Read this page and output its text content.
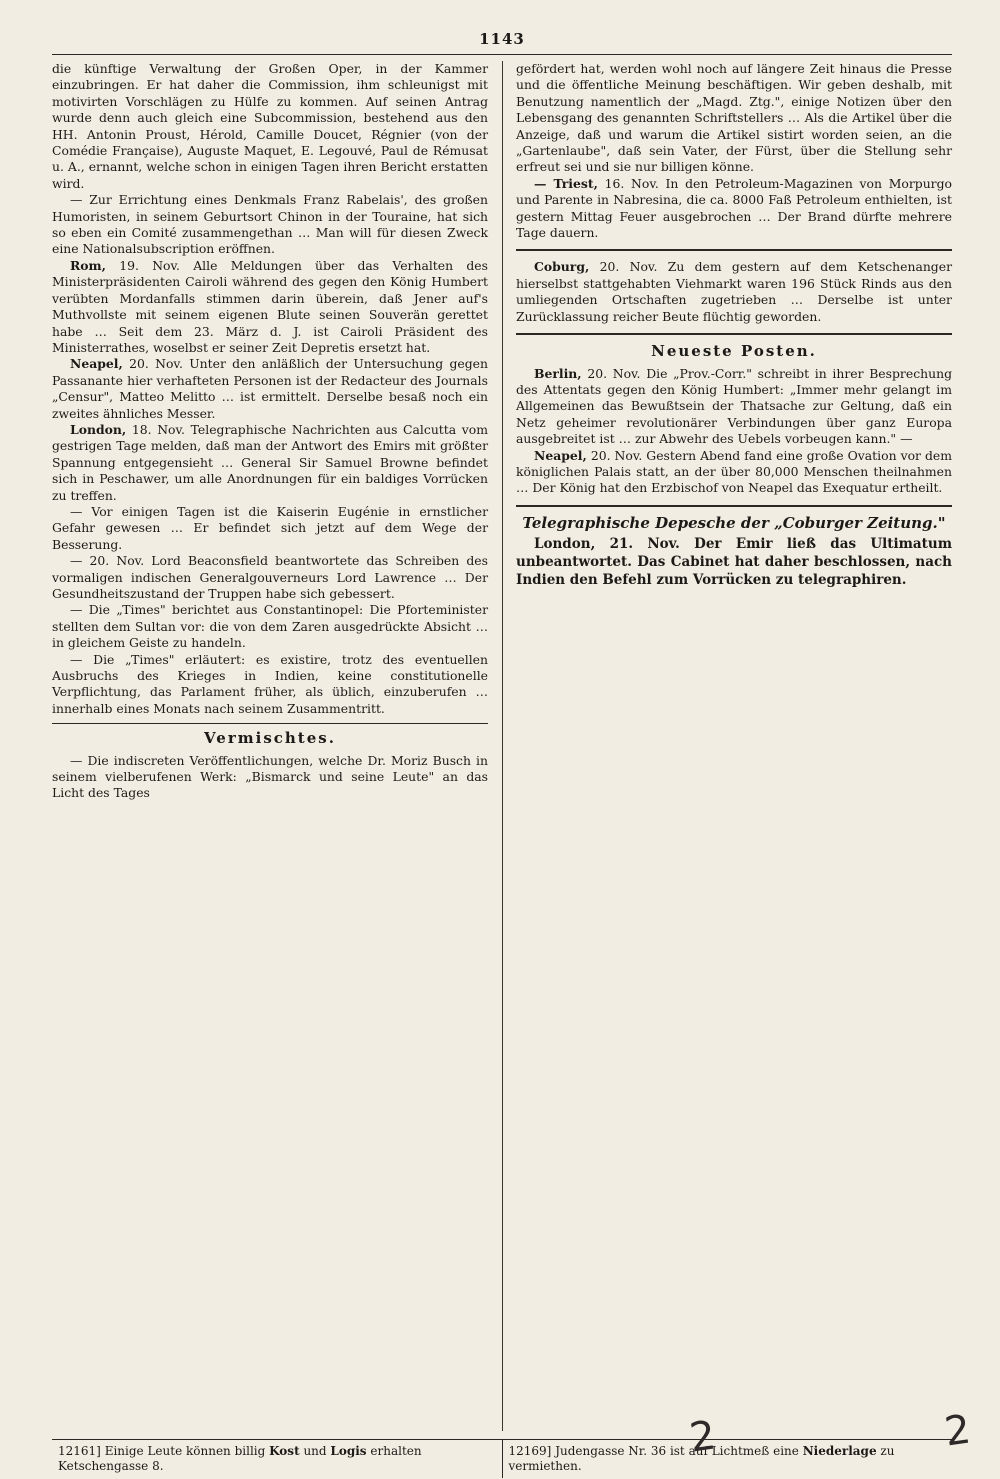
1143

die künftige Verwaltung der Großen Oper, in der Kammer einzubringen. Er hat daher die Commission, ihm schleunigst mit motivirten Vorschlägen zu Hülfe zu kommen. Auf seinen Antrag wurde denn auch gleich eine Subcommission, bestehend aus den HH. Antonin Proust, Hérold, Camille Doucet, Régnier (von der Comédie Française), Auguste Maquet, E. Legouvé, Paul de Rémusat u. A., ernannt, welche schon in einigen Tagen ihren Bericht erstatten wird.

— Zur Errichtung eines Denkmals Franz Rabelais', des großen Humoristen, in seinem Geburtsort Chinon in der Touraine, hat sich so eben ein Comité zusammengethan … Man will für diesen Zweck eine Nationalsubscription eröffnen.

Rom, 19. Nov. Alle Meldungen über das Verhalten des Ministerpräsidenten Cairoli während des gegen den König Humbert verübten Mordanfalls stimmen darin überein, daß Jener auf's Muthvollste mit seinem eigenen Blute seinen Souverän gerettet habe … Seit dem 23. März d. J. ist Cairoli Präsident des Ministerrathes, woselbst er seiner Zeit Depretis ersetzt hat.

Neapel, 20. Nov. Unter den anläßlich der Untersuchung gegen Passanante hier verhafteten Personen ist der Redacteur des Journals „Censur", Matteo Melitto … ist ermittelt. Derselbe besaß noch ein zweites ähnliches Messer.

London, 18. Nov. Telegraphische Nachrichten aus Calcutta vom gestrigen Tage melden, daß man der Antwort des Emirs mit größter Spannung entgegensieht … General Sir Samuel Browne befindet sich in Peschawer, um alle Anordnungen für ein baldiges Vorrücken zu treffen.

— Vor einigen Tagen ist die Kaiserin Eugénie in ernstlicher Gefahr gewesen … Er befindet sich jetzt auf dem Wege der Besserung.

— 20. Nov. Lord Beaconsfield beantwortete das Schreiben des vormaligen indischen Generalgouverneurs Lord Lawrence … Der Gesundheitszustand der Truppen habe sich gebessert.

— Die „Times" berichtet aus Constantinopel: Die Pforteminister stellten dem Sultan vor: die von dem Zaren ausgedrückte Absicht … in gleichem Geiste zu handeln.

— Die „Times" erläutert: es existire, trotz des eventuellen Ausbruchs des Krieges in Indien, keine constitutionelle Verpflichtung, das Parlament früher, als üblich, einzuberufen … innerhalb eines Monats nach seinem Zusammentritt.

Vermischtes.

— Die indiscreten Veröffentlichungen, welche Dr. Moriz Busch in seinem vielberufenen Werk: „Bismarck und seine Leute" an das Licht des Tages

gefördert hat, werden wohl noch auf längere Zeit hinaus die Presse und die öffentliche Meinung beschäftigen. Wir geben deshalb, mit Benutzung namentlich der „Magd. Ztg.", einige Notizen über den Lebensgang des genannten Schriftstellers … Als die Artikel über die Anzeige, daß und warum die Artikel sistirt worden seien, an die „Gartenlaube", daß sein Vater, der Fürst, über die Stellung sehr erfreut sei und sie nur billigen könne.

— Triest, 16. Nov. In den Petroleum-Magazinen von Morpurgo und Parente in Nabresina, die ca. 8000 Faß Petroleum enthielten, ist gestern Mittag Feuer ausgebrochen … Der Brand dürfte mehrere Tage dauern.

Coburg, 20. Nov. Zu dem gestern auf dem Ketschenanger hierselbst stattgehabten Viehmarkt waren 196 Stück Rinds aus den umliegenden Ortschaften zugetrieben … Derselbe ist unter Zurücklassung reicher Beute flüchtig geworden.

Neueste Posten.

Berlin, 20. Nov. Die „Prov.-Corr." schreibt in ihrer Besprechung des Attentats gegen den König Humbert: „Immer mehr gelangt im Allgemeinen das Bewußtsein der Thatsache zur Geltung, daß ein Netz geheimer revolutionärer Verbindungen über ganz Europa ausgebreitet ist … zur Abwehr des Uebels vorbeugen kann." —

Neapel, 20. Nov. Gestern Abend fand eine große Ovation vor dem königlichen Palais statt, an der über 80,000 Menschen theilnahmen … Der König hat den Erzbischof von Neapel das Exequatur ertheilt.

Telegraphische Depesche der „Coburger Zeitung."

London, 21. Nov. Der Emir ließ das Ultimatum unbeantwortet. Das Cabinet hat daher beschlossen, nach Indien den Befehl zum Vorrücken zu telegraphiren.

12161] Einige Leute können billig Kost und Logis erhalten Ketschengasse 8.
12169] Judengasse Nr. 36 ist auf Lichtmeß eine Niederlage zu vermiethen.
2	2
